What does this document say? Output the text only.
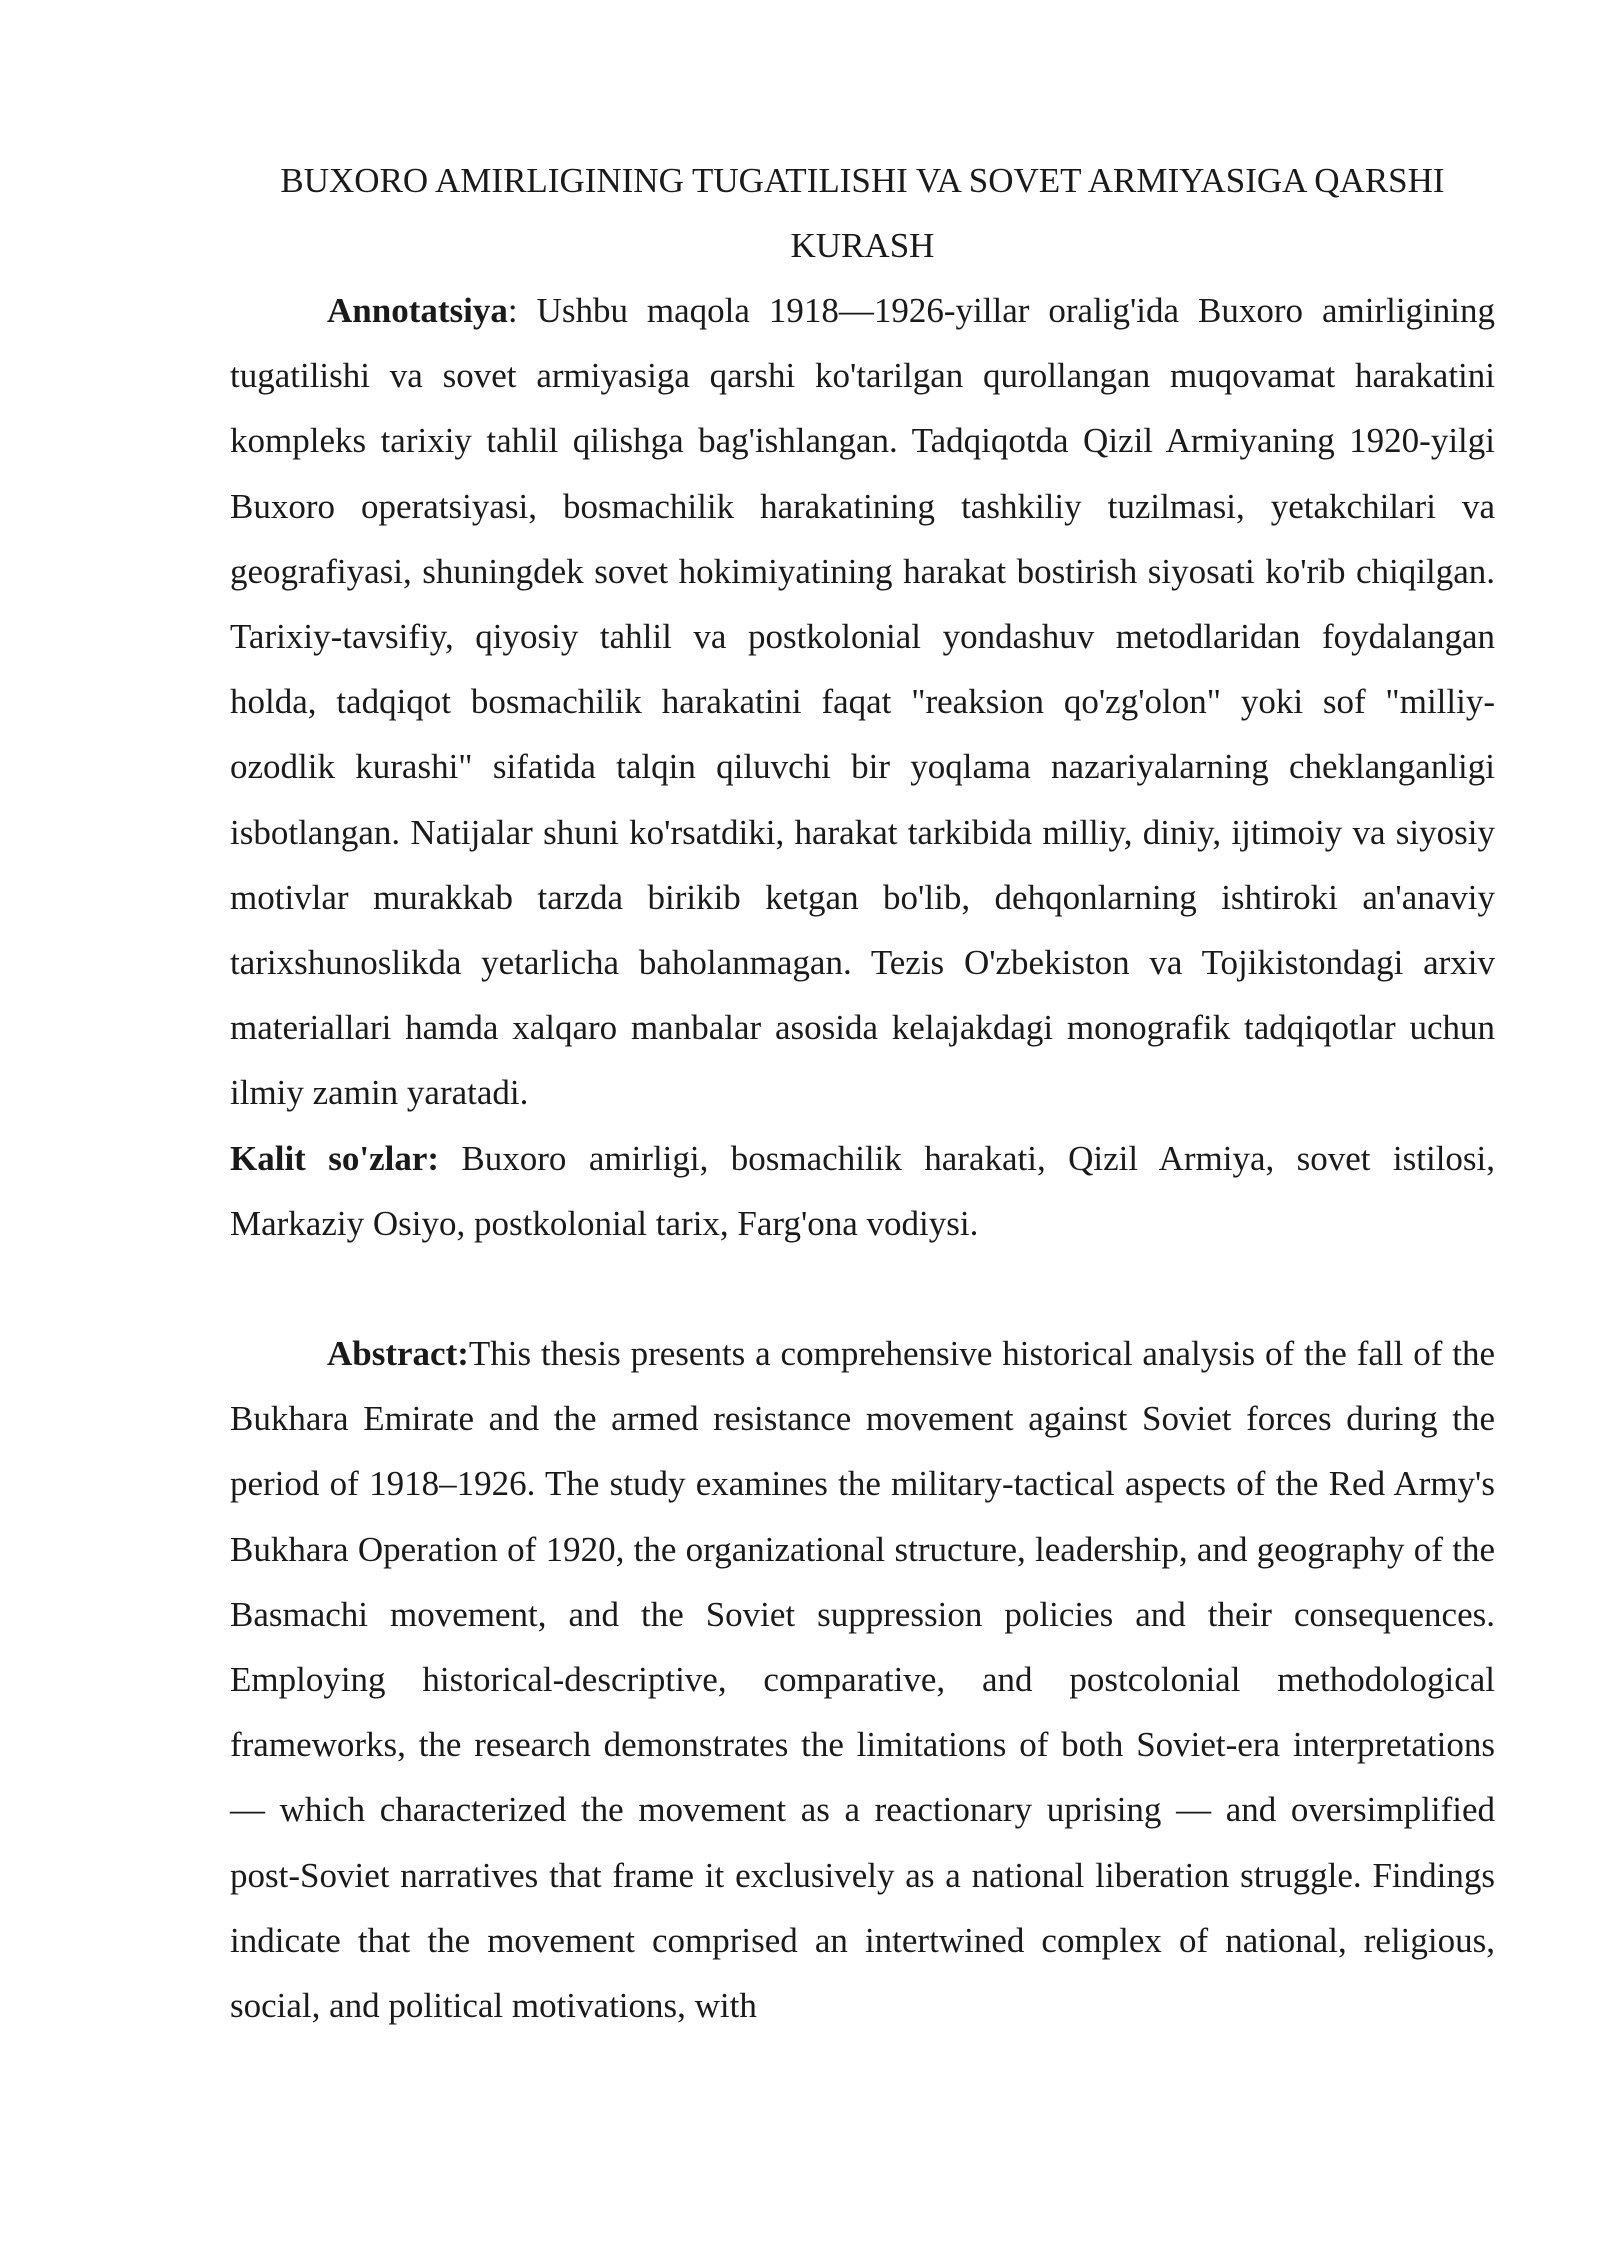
BUXORO AMIRLIGINING TUGATILISHI VA SOVET ARMIYASIGA QARSHI KURASH

Annotatsiya: Ushbu maqola 1918—1926-yillar oralig'ida Buxoro amirligining tugatilishi va sovet armiyasiga qarshi ko'tarilgan qurollangan muqovamat harakatini kompleks tarixiy tahlil qilishga bag'ishlangan. Tadqiqotda Qizil Armiyaning 1920-yilgi Buxoro operatsiyasi, bosmachilik harakatining tashkiliy tuzilmasi, yetakchilari va geografiyasi, shuningdek sovet hokimiyatining harakat bostirish siyosati ko'rib chiqilgan. Tarixiy-tavsifiy, qiyosiy tahlil va postkolonial yondashuv metodlaridan foydalangan holda, tadqiqot bosmachilik harakatini faqat "reaksion qo'zg'olon" yoki sof "milliy-ozodlik kurashi" sifatida talqin qiluvchi bir yoqlama nazariyalarning cheklanganligi isbotlangan. Natijalar shuni ko'rsatdiki, harakat tarkibida milliy, diniy, ijtimoiy va siyosiy motivlar murakkab tarzda birikib ketgan bo'lib, dehqonlarning ishtiroki an'anaviy tarixshunoslikda yetarlicha baholanmagan. Tezis O'zbekiston va Tojikistondagi arxiv materiallari hamda xalqaro manbalar asosida kelajakdagi monografik tadqiqotlar uchun ilmiy zamin yaratadi.

Kalit so'zlar: Buxoro amirligi, bosmachilik harakati, Qizil Armiya, sovet istilosi, Markaziy Osiyo, postkolonial tarix, Farg'ona vodiysi.

Abstract:This thesis presents a comprehensive historical analysis of the fall of the Bukhara Emirate and the armed resistance movement against Soviet forces during the period of 1918–1926. The study examines the military-tactical aspects of the Red Army's Bukhara Operation of 1920, the organizational structure, leadership, and geography of the Basmachi movement, and the Soviet suppression policies and their consequences. Employing historical-descriptive, comparative, and postcolonial methodological frameworks, the research demonstrates the limitations of both Soviet-era interpretations — which characterized the movement as a reactionary uprising — and oversimplified post-Soviet narratives that frame it exclusively as a national liberation struggle. Findings indicate that the movement comprised an intertwined complex of national, religious, social, and political motivations, with
